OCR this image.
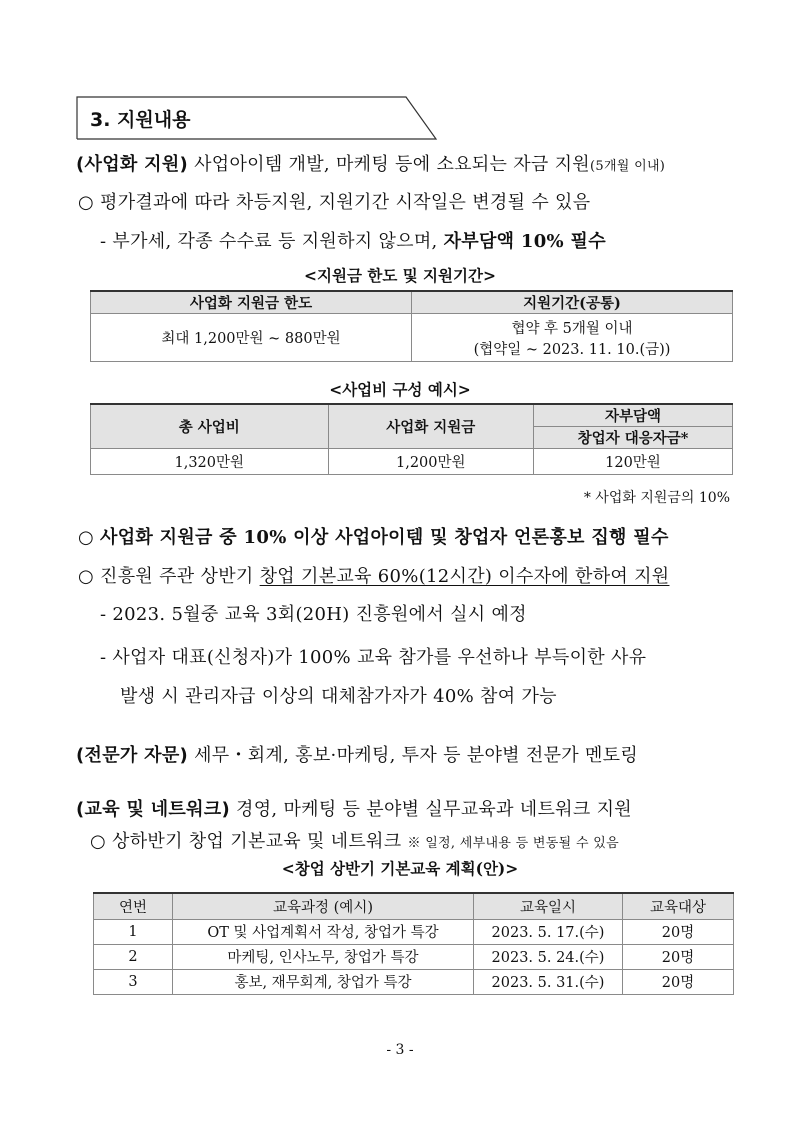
3. 지원내용
(사업화 지원) 사업아이템 개발, 마케팅 등에 소요되는 자금 지원(5개월 이내)
○ 평가결과에 따라 차등지원, 지원기간 시작일은 변경될 수 있음
- 부가세, 각종 수수료 등 지원하지 않으며, 자부담액 10% 필수
<지원금 한도 및 지원기간>
사업화 지원금 한도	지원기간(공통)
최대 1,200만원 ~ 880만원	협약 후 5개월 이내
(협약일 ~ 2023. 11. 10.(금))
<사업비 구성 예시>
총 사업비	사업화 지원금	자부담액
		창업자 대응자금*
1,320만원	1,200만원	120만원
* 사업화 지원금의 10%
○ 사업화 지원금 중 10% 이상 사업아이템 및 창업자 언론홍보 집행 필수
○ 진흥원 주관 상반기 창업 기본교육 60%(12시간) 이수자에 한하여 지원
- 2023. 5월중 교육 3회(20H) 진흥원에서 실시 예정
- 사업자 대표(신청자)가 100% 교육 참가를 우선하나 부득이한 사유
발생 시 관리자급 이상의 대체참가자가 40% 참여 가능
(전문가 자문) 세무・회계, 홍보·마케팅, 투자 등 분야별 전문가 멘토링
(교육 및 네트워크) 경영, 마케팅 등 분야별 실무교육과 네트워크 지원
○ 상하반기 창업 기본교육 및 네트워크 ※ 일정, 세부내용 등 변동될 수 있음
<창업 상반기 기본교육 계획(안)>
연번	교육과정 (예시)	교육일시	교육대상
1	OT 및 사업계획서 작성, 창업가 특강	2023. 5. 17.(수)	20명
2	마케팅, 인사노무, 창업가 특강	2023. 5. 24.(수)	20명
3	홍보, 재무회계, 창업가 특강	2023. 5. 31.(수)	20명
- 3 -
